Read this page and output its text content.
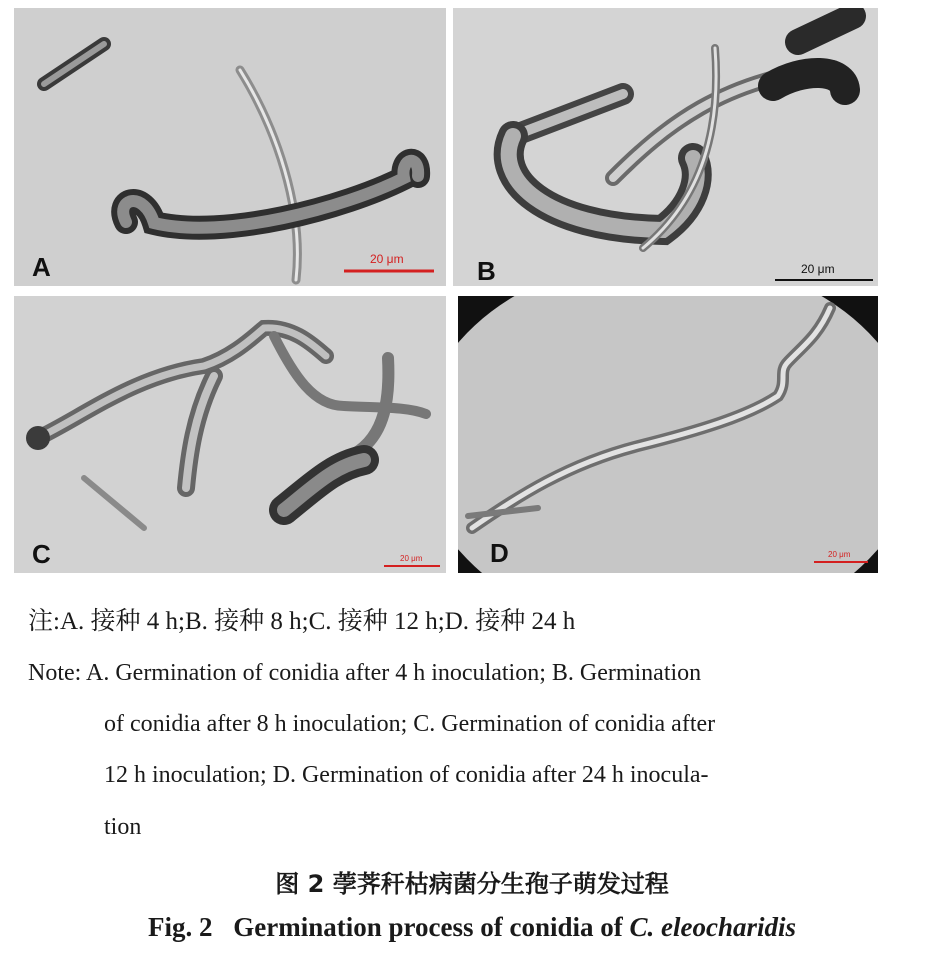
A	20 μm	B	20 μm
C	20 μm	D	20 μm
注:A. 接种 4 h;B. 接种 8 h;C. 接种 12 h;D. 接种 24 h
Note: A. Germination of conidia after 4 h inoculation; B. Germination
of conidia after 8 h inoculation; C. Germination of conidia after
12 h inoculation; D. Germination of conidia after 24 h inocula-
tion
图 2 荸荠秆枯病菌分生孢子萌发过程
Fig. 2 Germination process of conidia of C. eleocharidis
